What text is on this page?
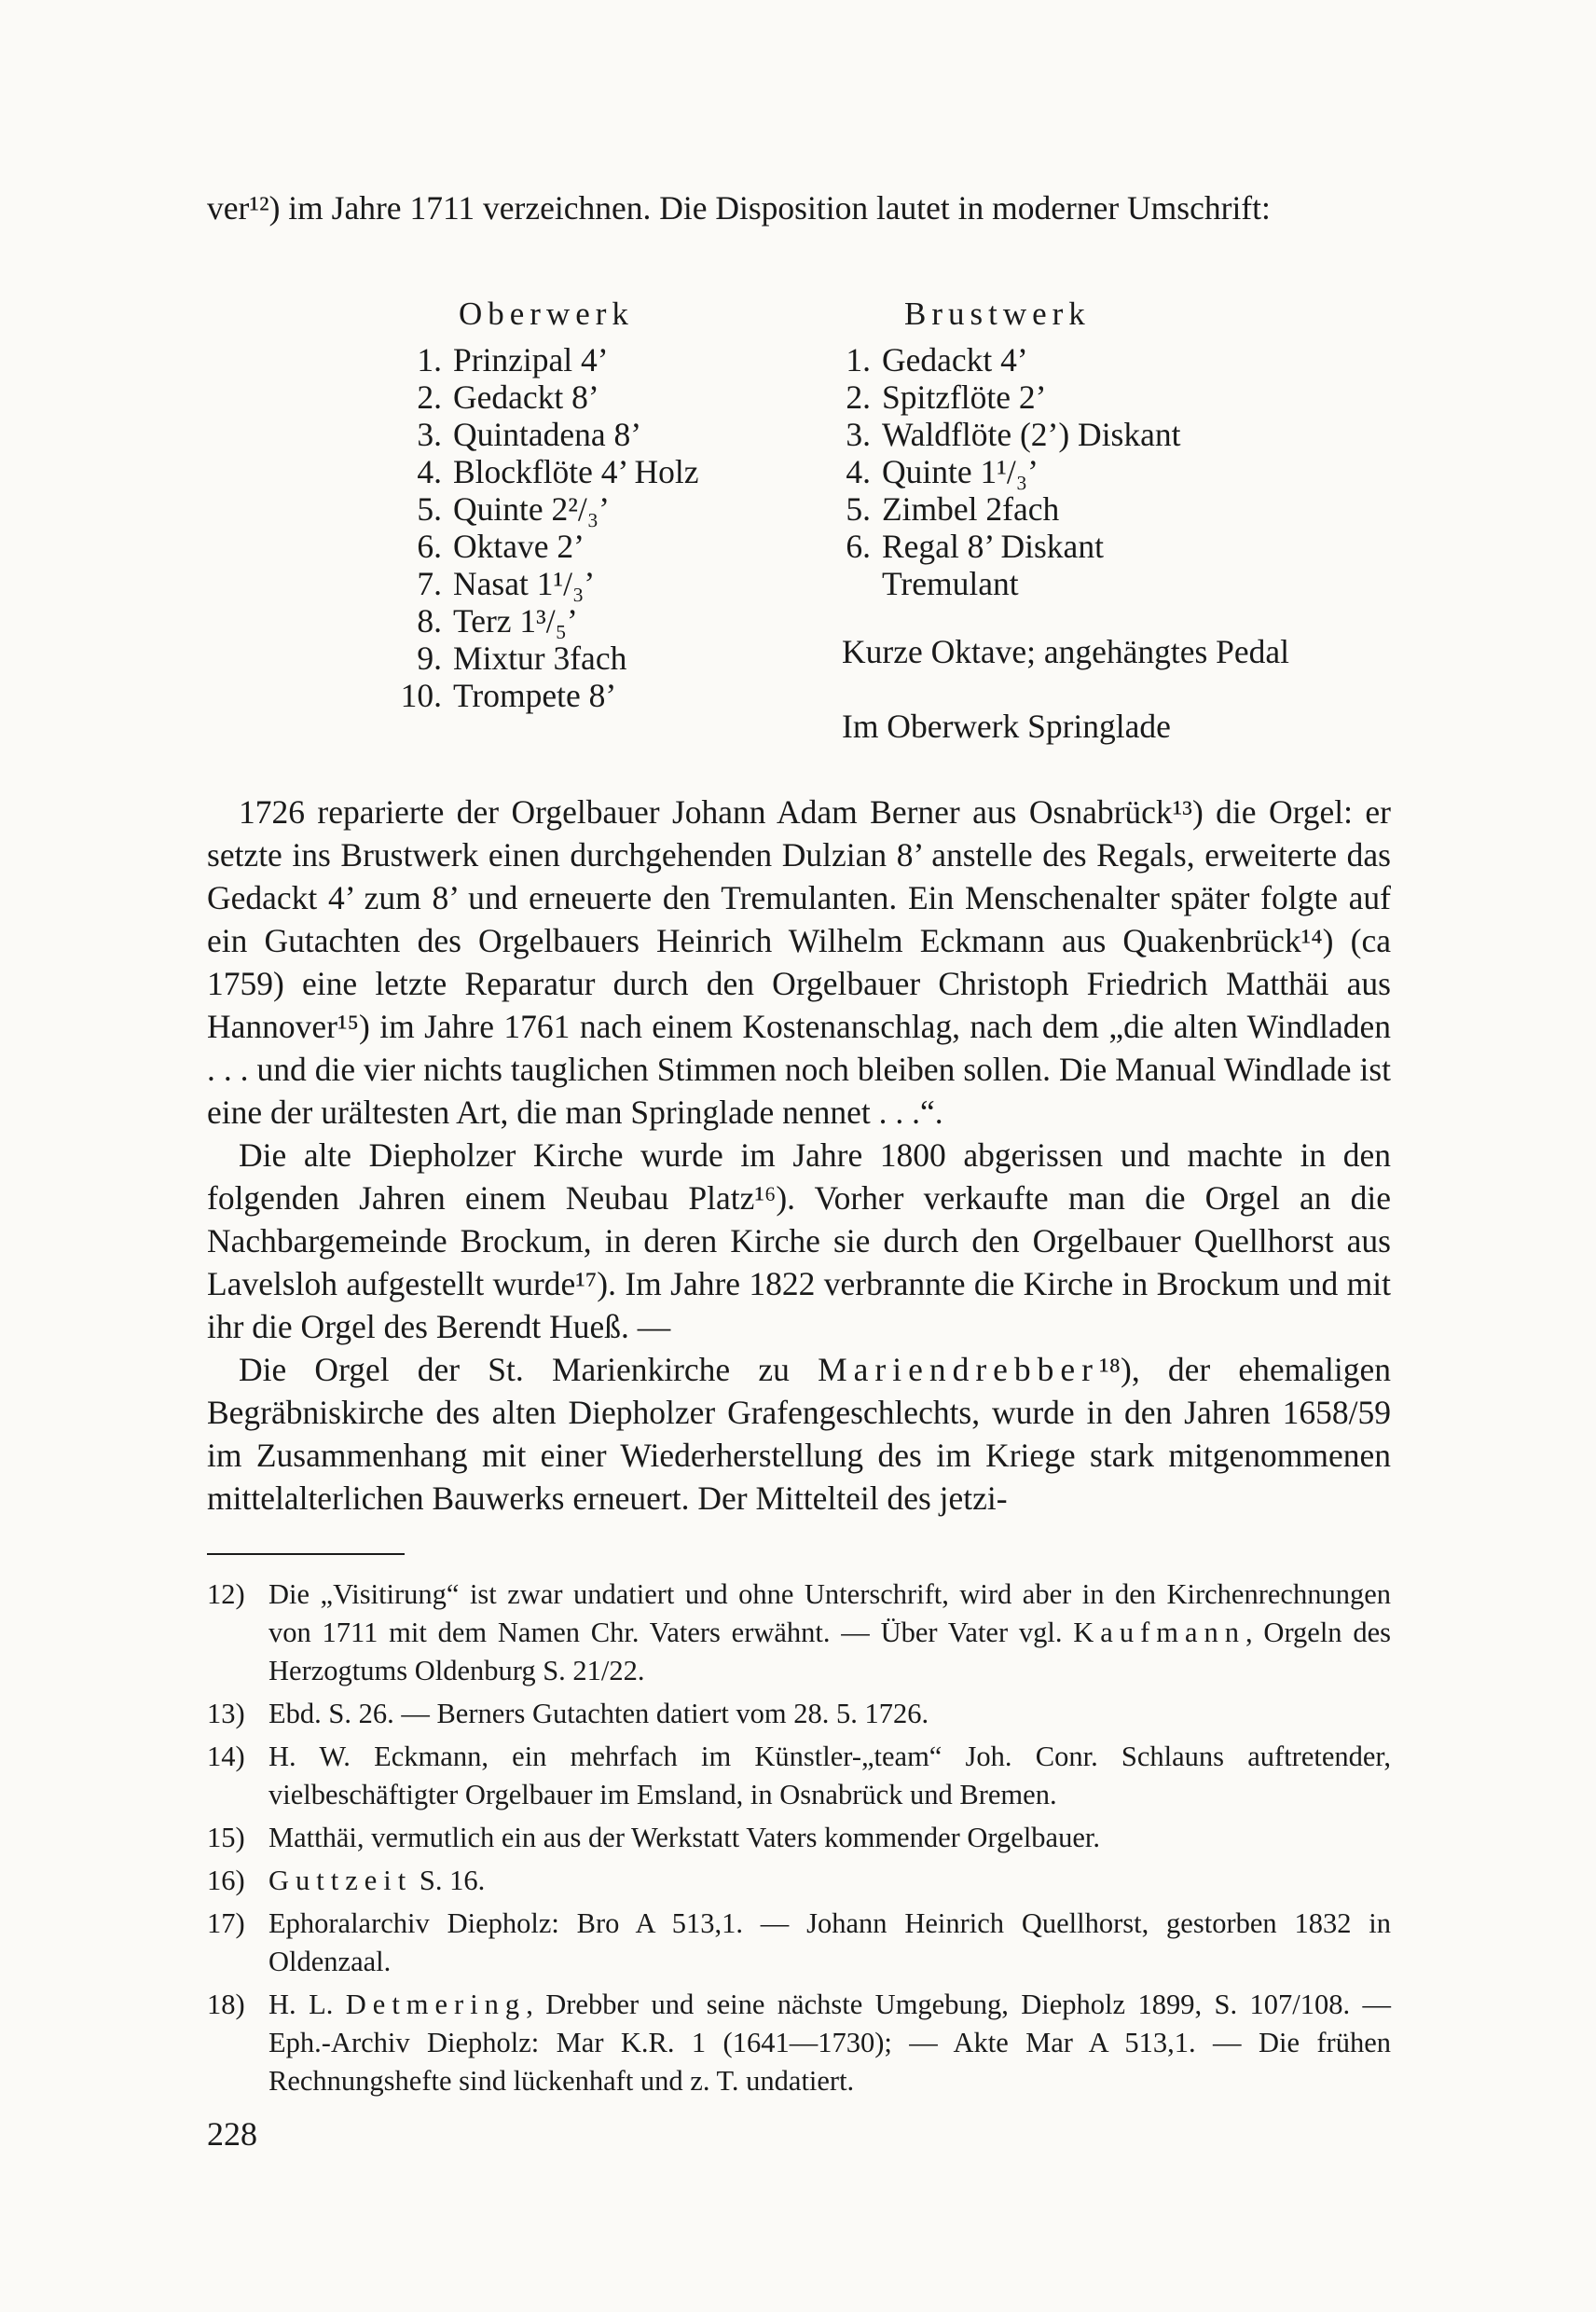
ver¹²) im Jahre 1711 verzeichnen. Die Disposition lautet in moderner Umschrift:

Oberwerk
1. Prinzipal 4’
2. Gedackt 8’
3. Quintadena 8’
4. Blockflöte 4’ Holz
5. Quinte 2²/₃’
6. Oktave 2’
7. Nasat 1¹/₃’
8. Terz 1³/₅’
9. Mixtur 3fach
10. Trompete 8’
Brustwerk
1. Gedackt 4’
2. Spitzflöte 2’
3. Waldflöte (2’) Diskant
4. Quinte 1¹/₃’
5. Zimbel 2fach
6. Regal 8’ Diskant
Tremulant
Kurze Oktave; angehängtes Pedal
Im Oberwerk Springlade

1726 reparierte der Orgelbauer Johann Adam Berner aus Osnabrück¹³) die Orgel: er setzte ins Brustwerk einen durchgehenden Dulzian 8’ anstelle des Regals, erweiterte das Gedackt 4’ zum 8’ und erneuerte den Tremulanten. Ein Menschenalter später folgte auf ein Gutachten des Orgelbauers Heinrich Wilhelm Eckmann aus Quakenbrück¹⁴) (ca 1759) eine letzte Reparatur durch den Orgelbauer Christoph Friedrich Matthäi aus Hannover¹⁵) im Jahre 1761 nach einem Kostenanschlag, nach dem „die alten Windladen . . . und die vier nichts tauglichen Stimmen noch bleiben sollen. Die Manual Windlade ist eine der urältesten Art, die man Springlade nennet . . .“.

Die alte Diepholzer Kirche wurde im Jahre 1800 abgerissen und machte in den folgenden Jahren einem Neubau Platz¹⁶). Vorher verkaufte man die Orgel an die Nachbargemeinde Brockum, in deren Kirche sie durch den Orgelbauer Quellhorst aus Lavelsloh aufgestellt wurde¹⁷). Im Jahre 1822 verbrannte die Kirche in Brockum und mit ihr die Orgel des Berendt Hueß. —

Die Orgel der St. Marienkirche zu Mariendrebber¹⁸), der ehemaligen Begräbniskirche des alten Diepholzer Grafengeschlechts, wurde in den Jahren 1658/59 im Zusammenhang mit einer Wiederherstellung des im Kriege stark mitgenommenen mittelalterlichen Bauwerks erneuert. Der Mittelteil des jetzi-

12) Die „Visitirung“ ist zwar undatiert und ohne Unterschrift, wird aber in den Kirchenrechnungen von 1711 mit dem Namen Chr. Vaters erwähnt. — Über Vater vgl. Kaufmann, Orgeln des Herzogtums Oldenburg S. 21/22.
13) Ebd. S. 26. — Berners Gutachten datiert vom 28. 5. 1726.
14) H. W. Eckmann, ein mehrfach im Künstler-„team“ Joh. Conr. Schlauns auftretender, vielbeschäftigter Orgelbauer im Emsland, in Osnabrück und Bremen.
15) Matthäi, vermutlich ein aus der Werkstatt Vaters kommender Orgelbauer.
16) Guttzeit S. 16.
17) Ephoralarchiv Diepholz: Bro A 513,1. — Johann Heinrich Quellhorst, gestorben 1832 in Oldenzaal.
18) H. L. Detmering, Drebber und seine nächste Umgebung, Diepholz 1899, S. 107/108. — Eph.-Archiv Diepholz: Mar K.R. 1 (1641—1730); — Akte Mar A 513,1. — Die frühen Rechnungshefte sind lückenhaft und z. T. undatiert.
228
